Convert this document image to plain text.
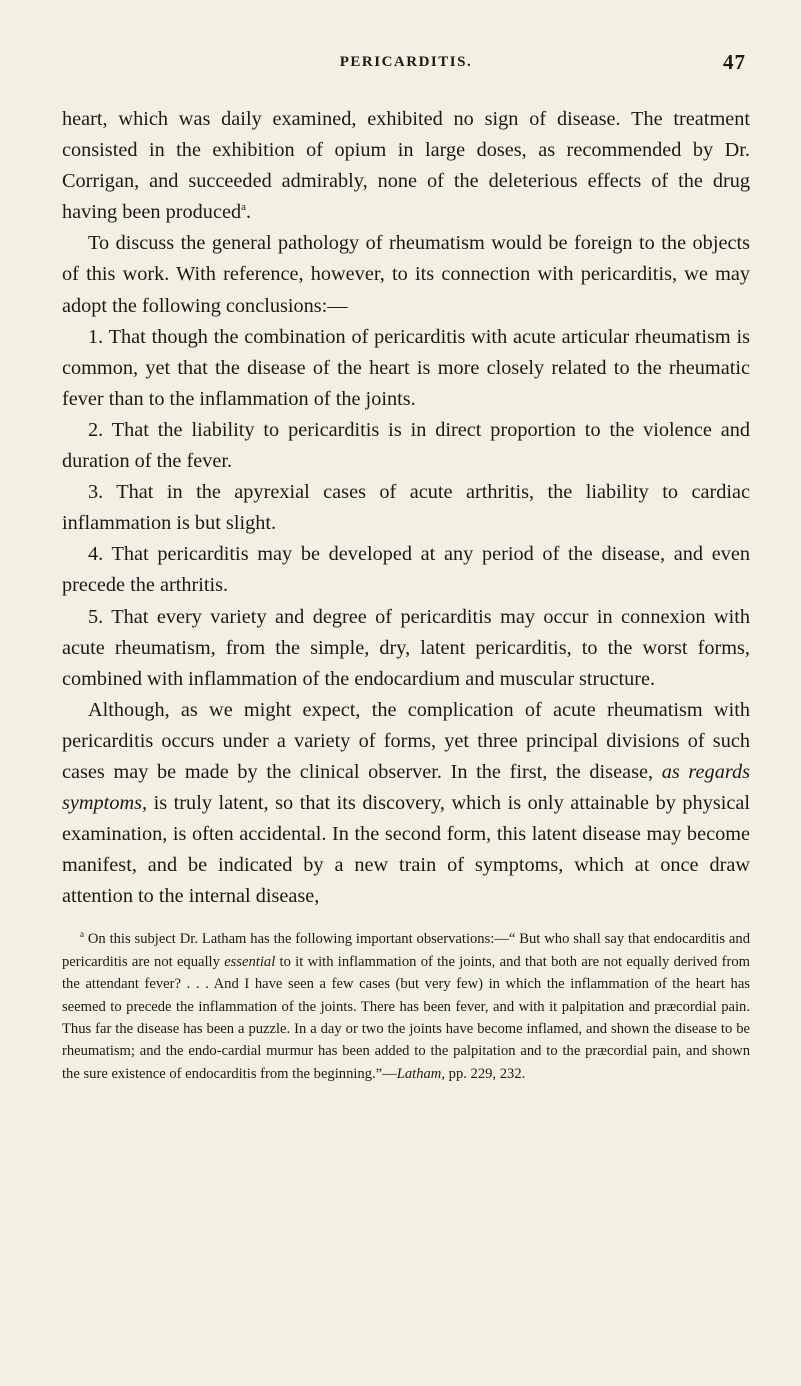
PERICARDITIS.	47

heart, which was daily examined, exhibited no sign of disease. The treatment consisted in the exhibition of opium in large doses, as recommended by Dr. Corrigan, and succeeded admirably, none of the deleterious effects of the drug having been produced$^a$.

To discuss the general pathology of rheumatism would be foreign to the objects of this work. With reference, however, to its connection with pericarditis, we may adopt the following conclusions:—

1. That though the combination of pericarditis with acute articular rheumatism is common, yet that the disease of the heart is more closely related to the rheumatic fever than to the inflammation of the joints.

2. That the liability to pericarditis is in direct proportion to the violence and duration of the fever.

3. That in the apyrexial cases of acute arthritis, the liability to cardiac inflammation is but slight.

4. That pericarditis may be developed at any period of the disease, and even precede the arthritis.

5. That every variety and degree of pericarditis may occur in connexion with acute rheumatism, from the simple, dry, latent pericarditis, to the worst forms, combined with inflammation of the endocardium and muscular structure.

Although, as we might expect, the complication of acute rheumatism with pericarditis occurs under a variety of forms, yet three principal divisions of such cases may be made by the clinical observer. In the first, the disease, as regards symptoms, is truly latent, so that its discovery, which is only attainable by physical examination, is often accidental. In the second form, this latent disease may become manifest, and be indicated by a new train of symptoms, which at once draw attention to the internal disease,

$^a$ On this subject Dr. Latham has the following important observations:—“ But who shall say that endocarditis and pericarditis are not equally essential to it with inflammation of the joints, and that both are not equally derived from the attendant fever? . . . And I have seen a few cases (but very few) in which the inflammation of the heart has seemed to precede the inflammation of the joints. There has been fever, and with it palpitation and præcordial pain. Thus far the disease has been a puzzle. In a day or two the joints have become inflamed, and shown the disease to be rheumatism; and the endo-cardial murmur has been added to the palpitation and to the præcordial pain, and shown the sure existence of endocarditis from the beginning.”—Latham, pp. 229, 232.
